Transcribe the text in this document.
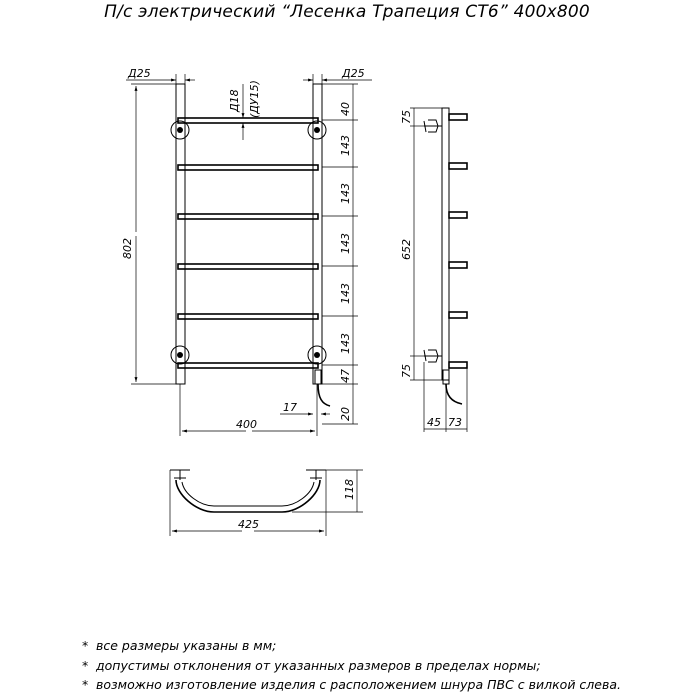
П/с электрический “Лесенка Трапеция СТ6” 400х800
Д25	Д25
Д18 (ДУ15)
802
40
143
143
143
143
143
47
20
17
400
75
652
75
45 73
118
425
* все размеры указаны в мм;
* допустимы отклонения от указанных размеров в пределах нормы;
* возможно изготовление изделия с расположением шнура ПВС с вилкой слева.
